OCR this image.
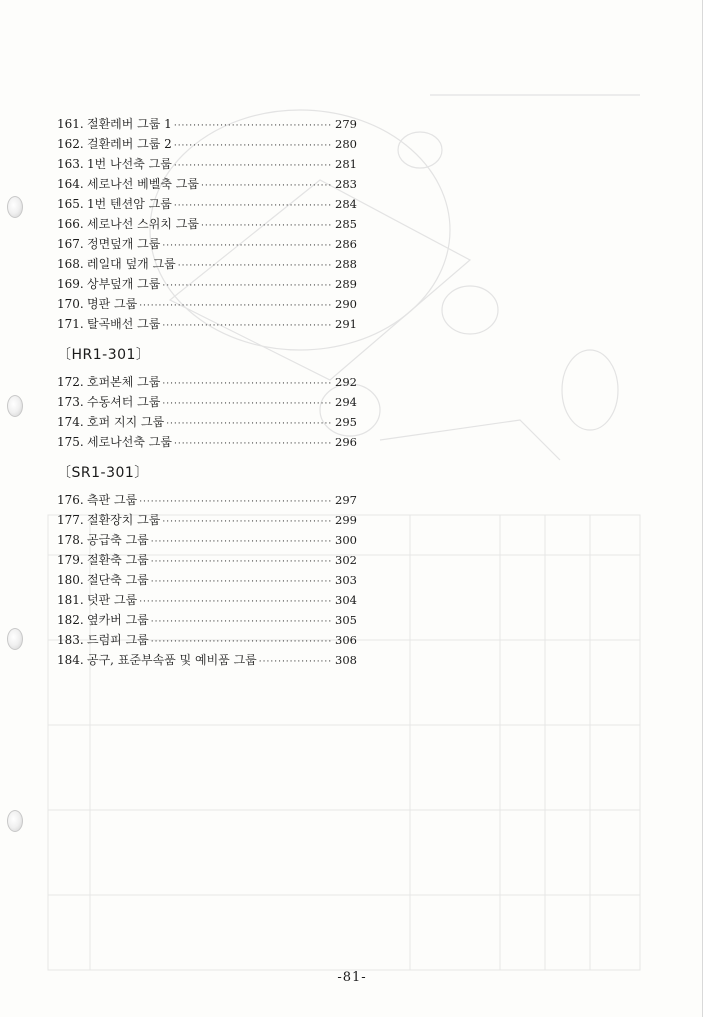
161. 절환레버 그룹 1 ·····	279
162. 걸환레버 그룹 2 ·····	280
163. 1번 나선축 그룹 ·····	281
164. 세로나선 베벨축 그룹 ·····	283
165. 1번 텐션암 그룹 ·····	284
166. 세로나선 스위치 그룹 ·····	285
167. 정면덮개 그룹 ·····	286
168. 레일대 덮개 그룹 ·····	288
169. 상부덮개 그룹 ·····	289
170. 명판 그룹 ·····	290
171. 탈곡배선 그룹 ·····	291
〔HR1-301〕
172. 호퍼본체 그룹 ·····	292
173. 수동셔터 그룹 ·····	294
174. 호퍼 지지 그룹 ·····	295
175. 세로나선축 그룹 ·····	296
〔SR1-301〕
176. 측판 그룹 ·····	297
177. 절환장치 그룹 ·····	299
178. 공급축 그룹 ·····	300
179. 절환축 그룹 ·····	302
180. 절단축 그룹 ·····	303
181. 덧판 그룹 ·····	304
182. 옆카버 그룹 ·····	305
183. 드럼피 그룹 ·····	306
184. 공구, 표준부속품 및 예비품 그룹 ·····	308
-81-
